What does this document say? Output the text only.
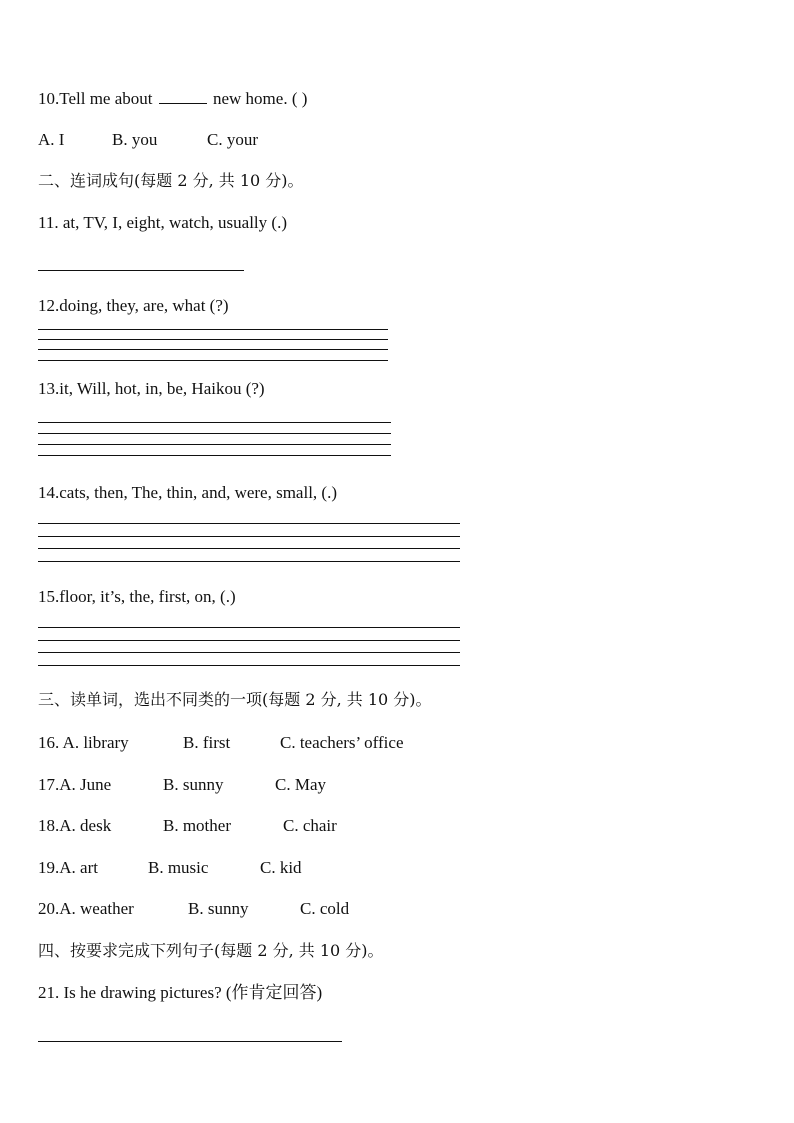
10.Tell me about	new home. ( )
A. I	B. you	C. your
二、连词成句(每题 2 分, 共 10 分)。
11. at, TV, I, eight, watch, usually (.)
12.doing, they, are, what (?)
13.it, Will, hot, in, be, Haikou (?)
14.cats, then, The, thin, and, were, small, (.)
15.floor, it’s, the, first, on, (.)
三、读单词，选出不同类的一项(每题 2 分, 共 10 分)。
16. A. library	B. first	C. teachers’ office
17.A. June	B. sunny	C. May
18.A. desk	B. mother	C. chair
19.A. art	B. music	C. kid
20.A. weather	B. sunny	C. cold
四、按要求完成下列句子(每题 2 分, 共 10 分)。
21. Is he drawing pictures? (作肯定回答)
